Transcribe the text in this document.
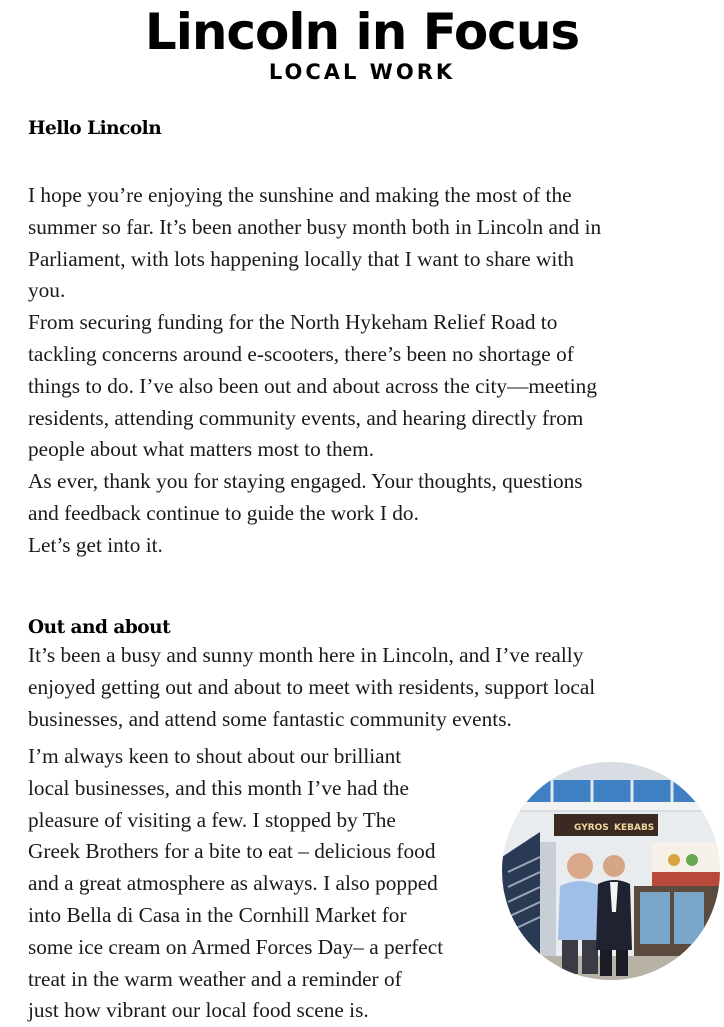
Lincoln in Focus
LOCAL WORK
Hello Lincoln
I hope you’re enjoying the sunshine and making the most of the
summer so far. It’s been another busy month both in Lincoln and in
Parliament, with lots happening locally that I want to share with
you.
From securing funding for the North Hykeham Relief Road to
tackling concerns around e-scooters, there’s been no shortage of
things to do. I’ve also been out and about across the city—meeting
residents, attending community events, and hearing directly from
people about what matters most to them.
As ever, thank you for staying engaged. Your thoughts, questions
and feedback continue to guide the work I do.
Let’s get into it.
Out and about
It’s been a busy and sunny month here in Lincoln, and I’ve really
enjoyed getting out and about to meet with residents, support local
businesses, and attend some fantastic community events.
I’m always keen to shout about our brilliant
local businesses, and this month I’ve had the
pleasure of visiting a few. I stopped by The
Greek Brothers for a bite to eat – delicious food
and a great atmosphere as always. I also popped
into Bella di Casa in the Cornhill Market for
some ice cream on Armed Forces Day– a perfect
treat in the warm weather and a reminder of
just how vibrant our local food scene is.
GYROS KEBABS
